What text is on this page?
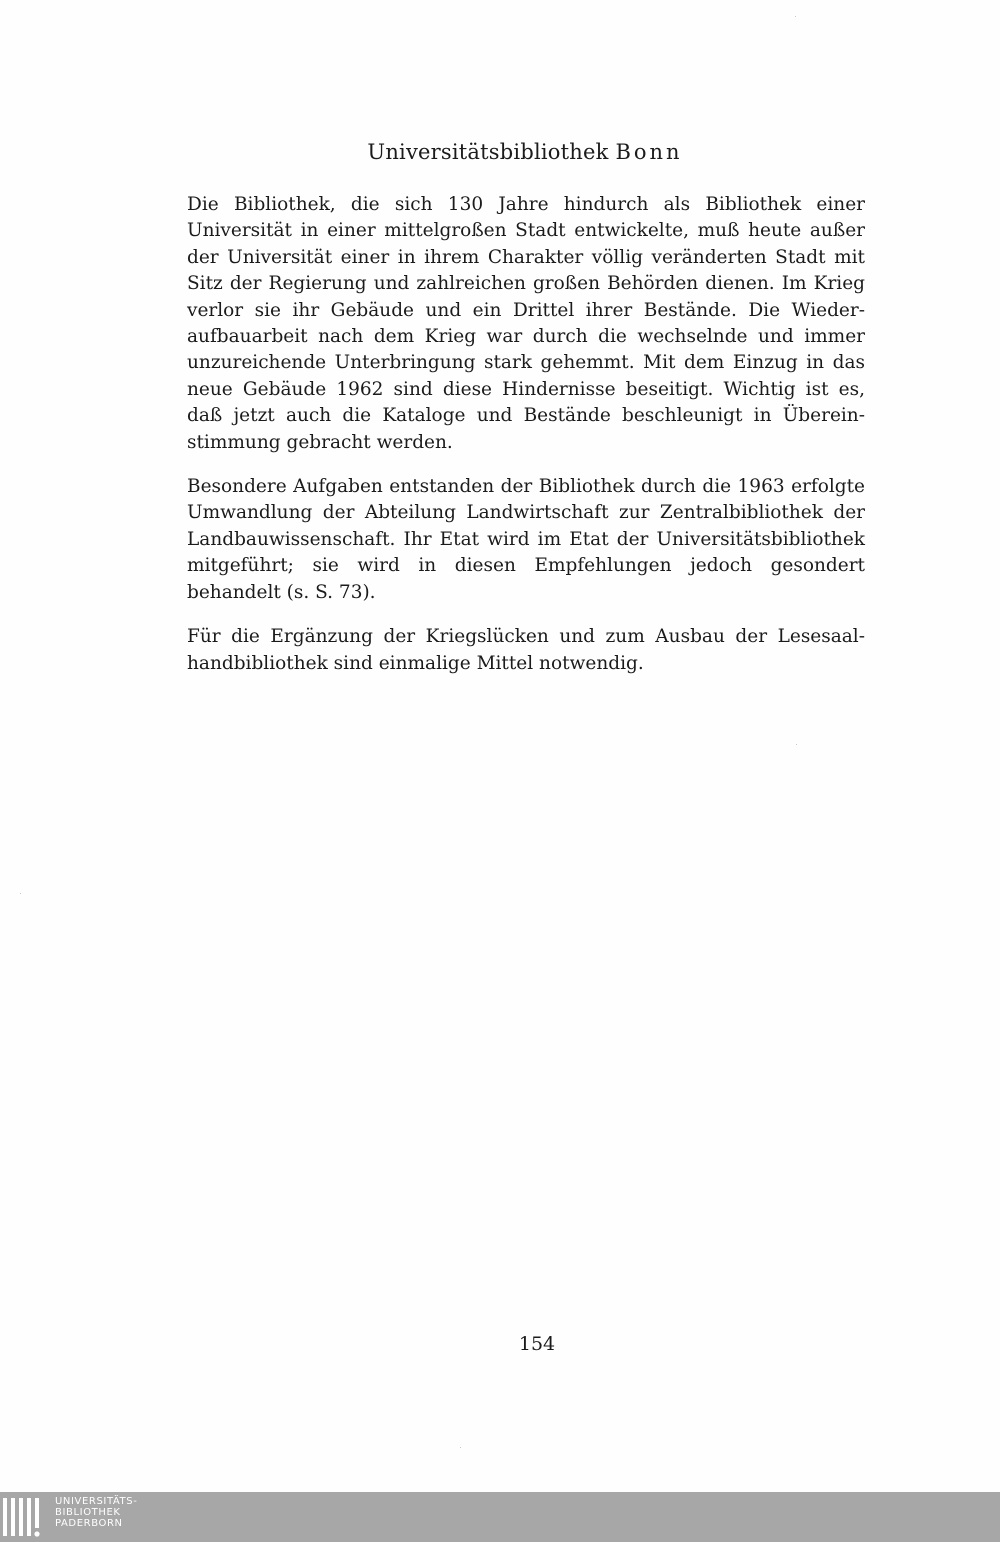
Universitätsbibliothek Bonn

Die Bibliothek, die sich 130 Jahre hindurch als Bibliothek einer Universität in einer mittelgroßen Stadt entwickelte, muß heute außer der Universität einer in ihrem Charakter völlig veränderten Stadt mit Sitz der Regierung und zahlreichen großen Behörden dienen. Im Krieg verlor sie ihr Gebäude und ein Drittel ihrer Bestände. Die Wiederaufbauarbeit nach dem Krieg war durch die wechselnde und immer unzureichende Unterbringung stark gehemmt. Mit dem Einzug in das neue Gebäude 1962 sind diese Hindernisse beseitigt. Wichtig ist es, daß jetzt auch die Kataloge und Bestände beschleunigt in Übereinstimmung gebracht werden.

Besondere Aufgaben entstanden der Bibliothek durch die 1963 erfolgte Umwandlung der Abteilung Landwirtschaft zur Zentralbibliothek der Landbauwissenschaft. Ihr Etat wird im Etat der Universitätsbibliothek mitgeführt; sie wird in diesen Empfehlungen jedoch gesondert behandelt (s. S. 73).

Für die Ergänzung der Kriegslücken und zum Ausbau der Lesesaalhandbibliothek sind einmalige Mittel notwendig.

154
UNIVERSITÄTS-
BIBLIOTHEK
PADERBORN
